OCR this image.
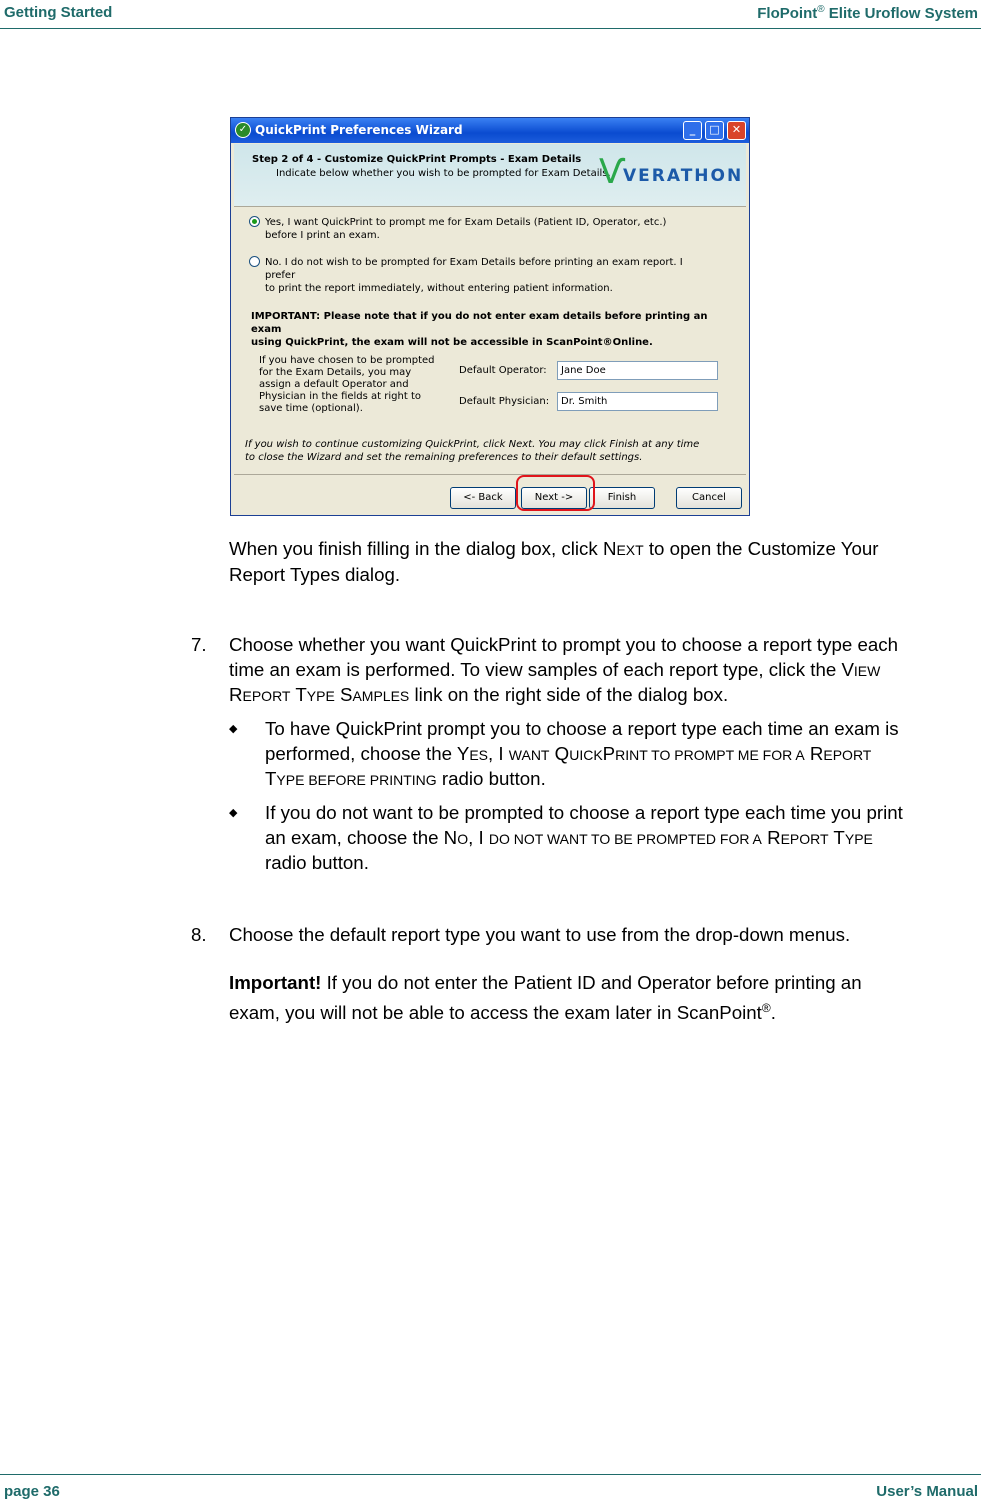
Getting Started	FloPoint® Elite Uroflow System
✓ QuickPrint Preferences Wizard	_	□	✕
Step 2 of 4 - Customize QuickPrint Prompts - Exam Details
Indicate below whether you wish to be prompted for Exam Details.
Ѵ
VERATHON
Yes, I want QuickPrint to prompt me for Exam Details (Patient ID, Operator, etc.)
before I print an exam.
No. I do not wish to be prompted for Exam Details before printing an exam report. I prefer
to print the report immediately, without entering patient information.
IMPORTANT: Please note that if you do not enter exam details before printing an exam
using QuickPrint, the exam will not be accessible in ScanPoint®Online.
If you have chosen to be prompted
for the Exam Details, you may
assign a default Operator and
Physician in the fields at right to
save time (optional).
Default Operator:	Jane Doe
Default Physician:	Dr. Smith
If you wish to continue customizing QuickPrint, click Next. You may click Finish at any time
to close the Wizard and set the remaining preferences to their default settings.
<- Back	Next ->	Finish	Cancel
When you finish filling in the dialog box, click NEXT to open the Customize Your
Report Types dialog.
7. Choose whether you want QuickPrint to prompt you to choose a report type each
time an exam is performed. To view samples of each report type, click the VIEW
REPORT TYPE SAMPLES link on the right side of the dialog box.
◆ To have QuickPrint prompt you to choose a report type each time an exam is
performed, choose the YES, I WANT QUICKPRINT TO PROMPT ME FOR A REPORT
TYPE BEFORE PRINTING radio button.
◆ If you do not want to be prompted to choose a report type each time you print
an exam, choose the NO, I DO NOT WANT TO BE PROMPTED FOR A REPORT TYPE
radio button.
8. Choose the default report type you want to use from the drop-down menus.
Important! If you do not enter the Patient ID and Operator before printing an
exam, you will not be able to access the exam later in ScanPoint®.
page 36	User’s Manual
